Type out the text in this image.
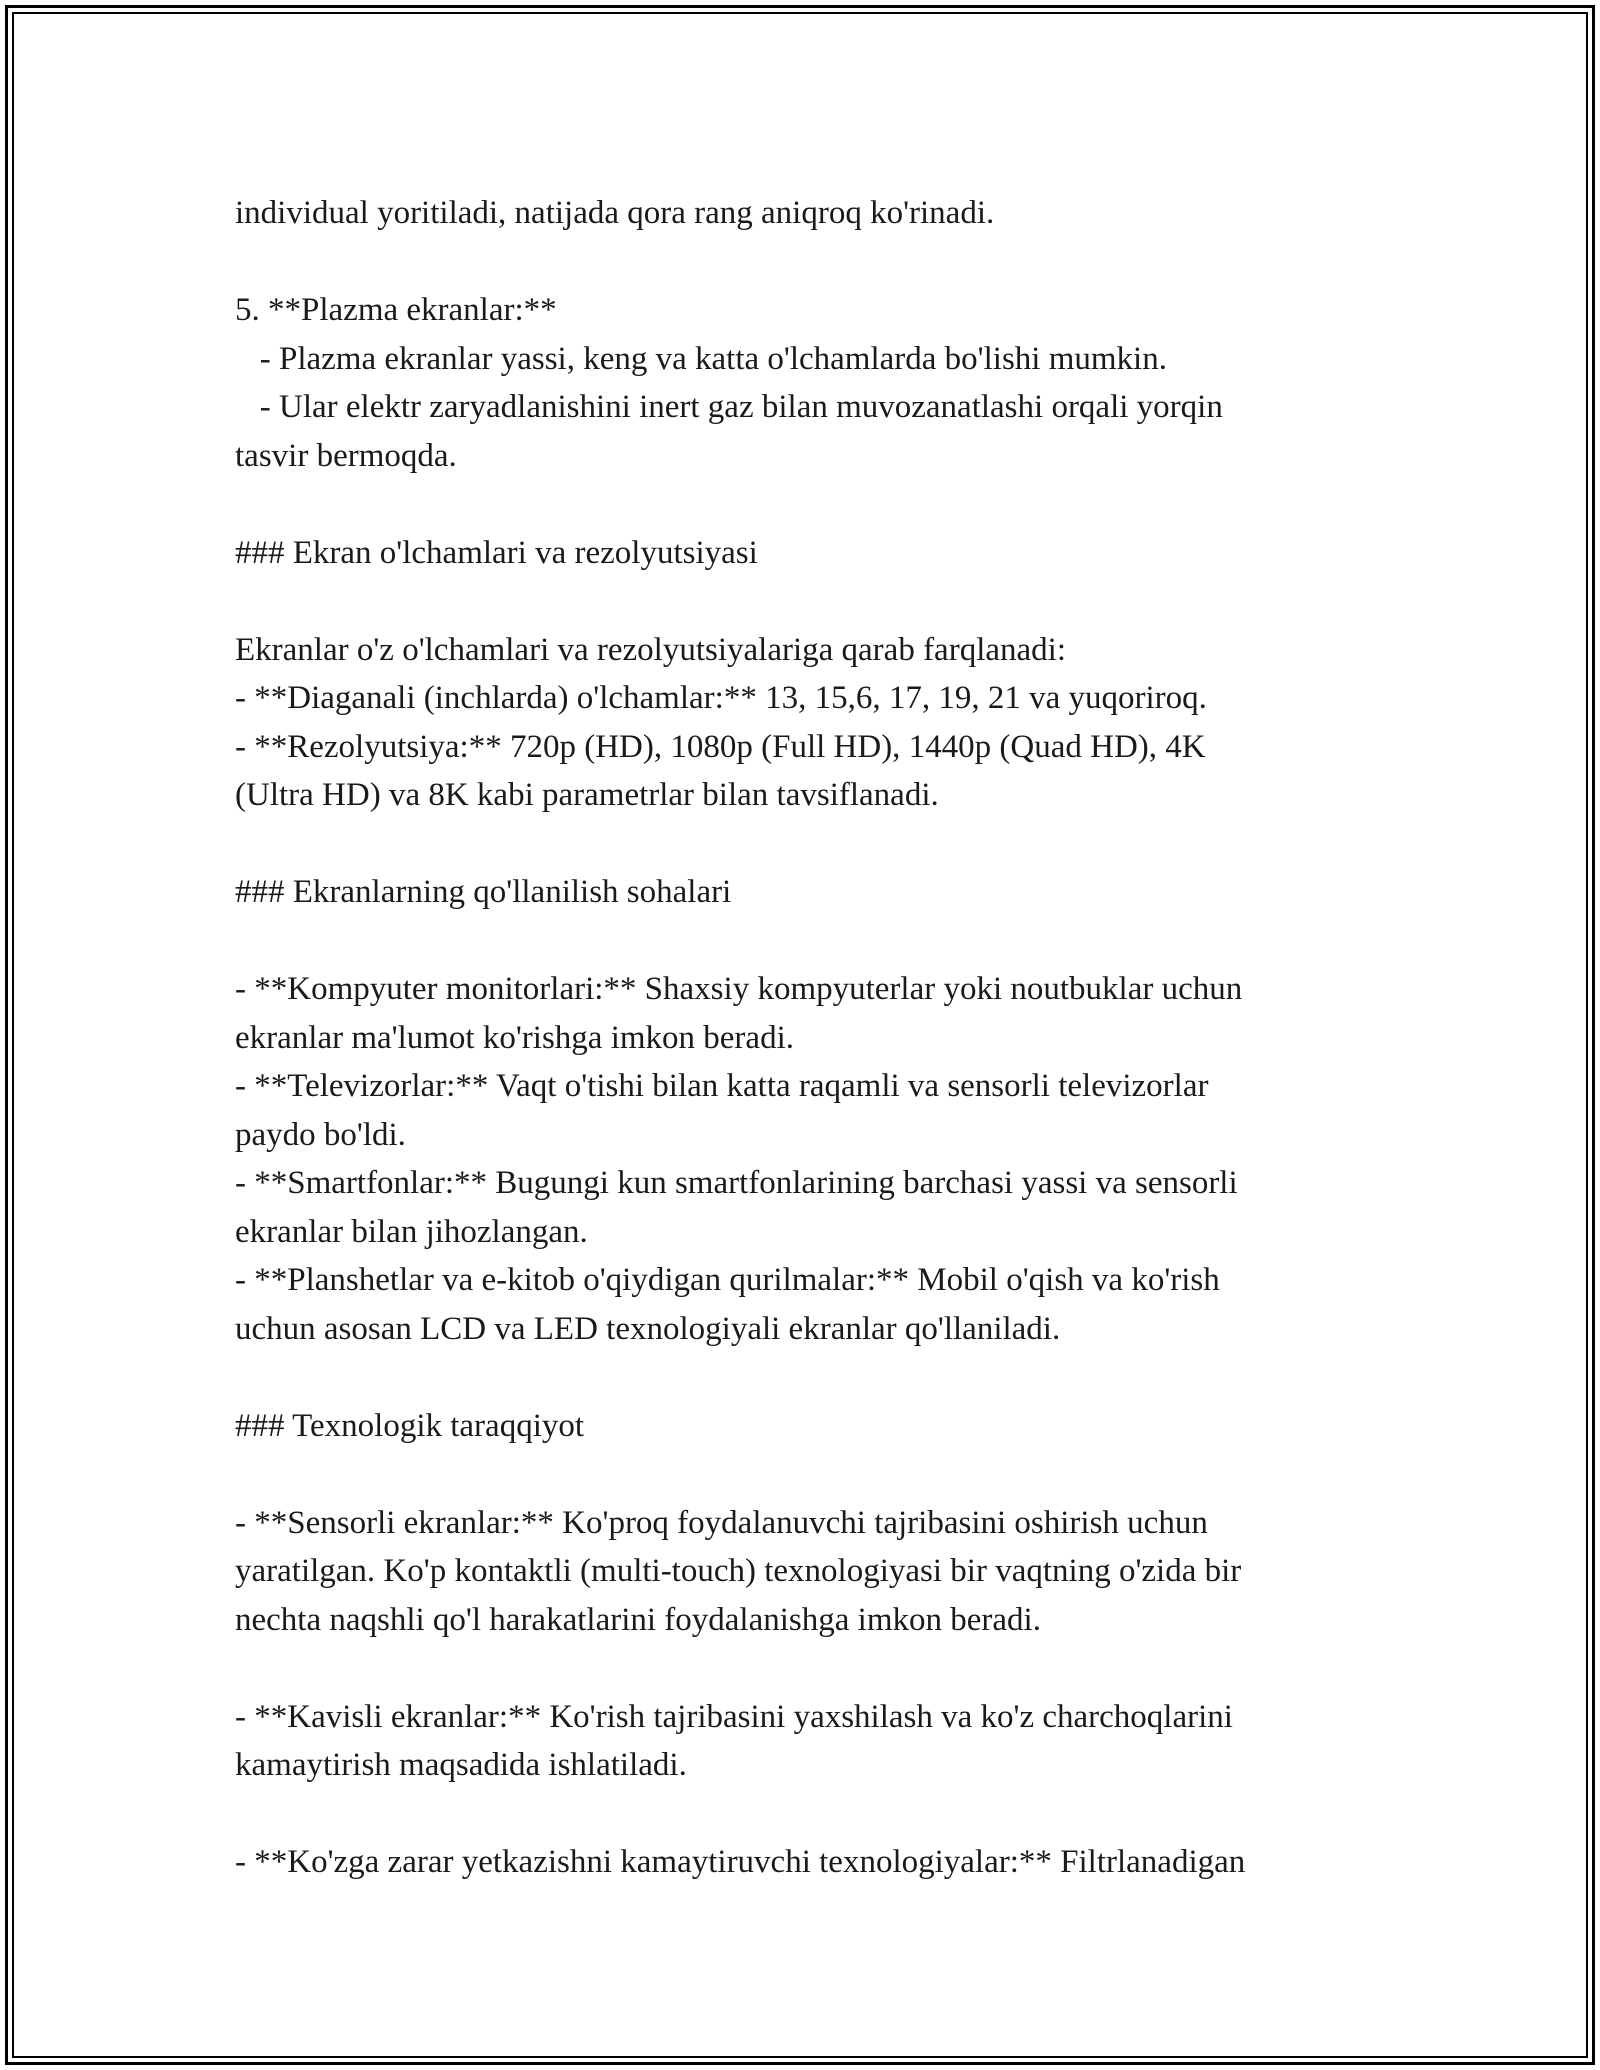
individual yoritiladi, natijada qora rang aniqroq ko'rinadi.
5. **Plazma ekranlar:**
- Plazma ekranlar yassi, keng va katta o'lchamlarda bo'lishi mumkin.
- Ular elektr zaryadlanishini inert gaz bilan muvozanatlashi orqali yorqin
tasvir bermoqda.
### Ekran o'lchamlari va rezolyutsiyasi
Ekranlar o'z o'lchamlari va rezolyutsiyalariga qarab farqlanadi:
- **Diaganali (inchlarda) o'lchamlar:** 13, 15,6, 17, 19, 21 va yuqoriroq.
- **Rezolyutsiya:** 720p (HD), 1080p (Full HD), 1440p (Quad HD), 4K
(Ultra HD) va 8K kabi parametrlar bilan tavsiflanadi.
### Ekranlarning qo'llanilish sohalari
- **Kompyuter monitorlari:** Shaxsiy kompyuterlar yoki noutbuklar uchun
ekranlar ma'lumot ko'rishga imkon beradi.
- **Televizorlar:** Vaqt o'tishi bilan katta raqamli va sensorli televizorlar
paydo bo'ldi.
- **Smartfonlar:** Bugungi kun smartfonlarining barchasi yassi va sensorli
ekranlar bilan jihozlangan.
- **Planshetlar va e-kitob o'qiydigan qurilmalar:** Mobil o'qish va ko'rish
uchun asosan LCD va LED texnologiyali ekranlar qo'llaniladi.
### Texnologik taraqqiyot
- **Sensorli ekranlar:** Ko'proq foydalanuvchi tajribasini oshirish uchun
yaratilgan. Ko'p kontaktli (multi-touch) texnologiyasi bir vaqtning o'zida bir
nechta naqshli qo'l harakatlarini foydalanishga imkon beradi.
- **Kavisli ekranlar:** Ko'rish tajribasini yaxshilash va ko'z charchoqlarini
kamaytirish maqsadida ishlatiladi.
- **Ko'zga zarar yetkazishni kamaytiruvchi texnologiyalar:** Filtrlanadigan
